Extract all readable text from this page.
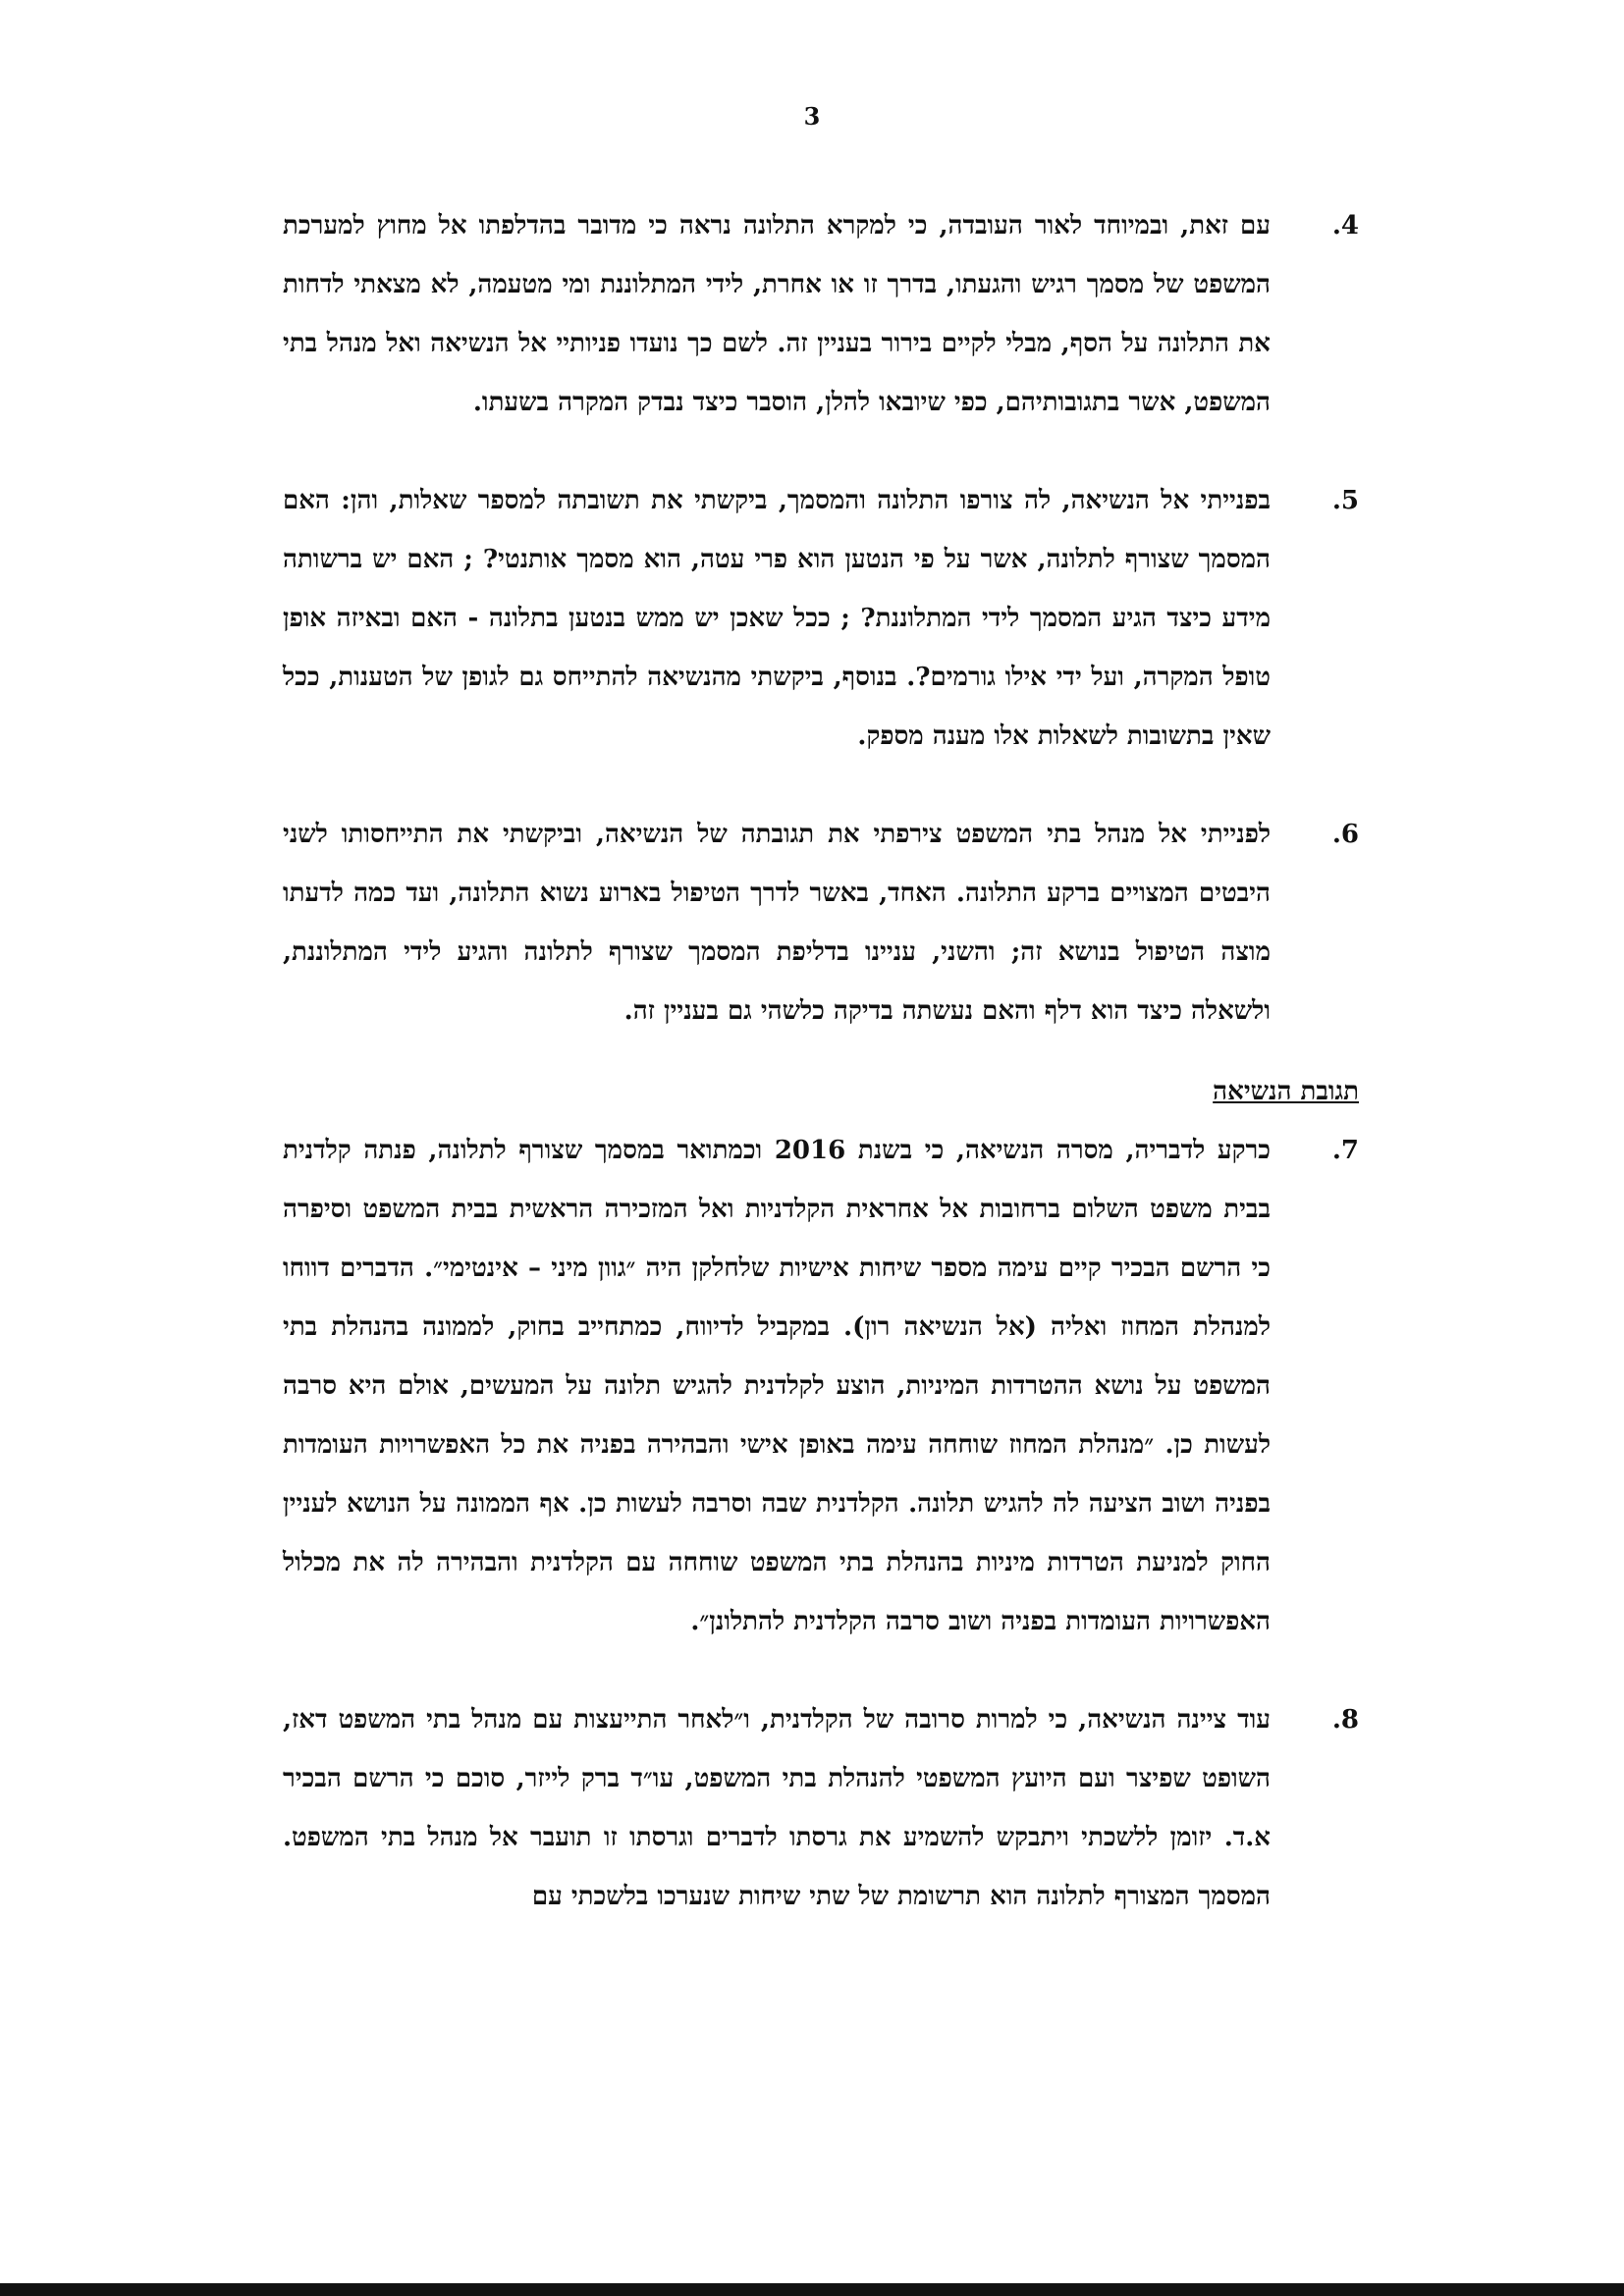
3
4.
עם זאת, ובמיוחד לאור העובדה, כי למקרא התלונה נראה כי מדובר בהדלפתו אל מחוץ למערכת המשפט של מסמך רגיש והגעתו, בדרך זו או אחרת, לידי המתלוננת ומי מטעמה, לא מצאתי לדחות את התלונה על הסף, מבלי לקיים בירור בעניין זה. לשם כך נועדו פניותיי אל הנשיאה ואל מנהל בתי המשפט, אשר בתגובותיהם, כפי שיובאו להלן, הוסבר כיצד נבדק המקרה בשעתו.
5.
בפנייתי אל הנשיאה, לה צורפו התלונה והמסמך, ביקשתי את תשובתה למספר שאלות, והן: האם המסמך שצורף לתלונה, אשר על פי הנטען הוא פרי עטה, הוא מסמך אותנטי? ; האם יש ברשותה מידע כיצד הגיע המסמך לידי המתלוננת? ; ככל שאכן יש ממש בנטען בתלונה - האם ובאיזה אופן טופל המקרה, ועל ידי אילו גורמים?. בנוסף, ביקשתי מהנשיאה להתייחס גם לגופן של הטענות, ככל שאין בתשובות לשאלות אלו מענה מספק.
6.
לפנייתי אל מנהל בתי המשפט צירפתי את תגובתה של הנשיאה, וביקשתי את התייחסותו לשני היבטים המצויים ברקע התלונה. האחד, באשר לדרך הטיפול בארוע נשוא התלונה, ועד כמה לדעתו מוצה הטיפול בנושא זה; והשני, עניינו בדליפת המסמך שצורף לתלונה והגיע לידי המתלוננת, ולשאלה כיצד הוא דלף והאם נעשתה בדיקה כלשהי גם בעניין זה.
תגובת הנשיאה
7.
כרקע לדבריה, מסרה הנשיאה, כי בשנת 2016 וכמתואר במסמך שצורף לתלונה, פנתה קלדנית בבית משפט השלום ברחובות אל אחראית הקלדניות ואל המזכירה הראשית בבית המשפט וסיפרה כי הרשם הבכיר קיים עימה מספר שיחות אישיות שלחלקן היה ״גוון מיני – אינטימי״. הדברים דווחו למנהלת המחוז ואליה (אל הנשיאה רון). במקביל לדיווח, כמתחייב בחוק, לממונה בהנהלת בתי המשפט על נושא ההטרדות המיניות, הוצע לקלדנית להגיש תלונה על המעשים, אולם היא סרבה לעשות כן. ״מנהלת המחוז שוחחה עימה באופן אישי והבהירה בפניה את כל האפשרויות העומדות בפניה ושוב הציעה לה להגיש תלונה. הקלדנית שבה וסרבה לעשות כן. אף הממונה על הנושא לעניין החוק למניעת הטרדות מיניות בהנהלת בתי המשפט שוחחה עם הקלדנית והבהירה לה את מכלול האפשרויות העומדות בפניה ושוב סרבה הקלדנית להתלונן״.
8.
עוד ציינה הנשיאה, כי למרות סרובה של הקלדנית, ו״לאחר התייעצות עם מנהל בתי המשפט דאז, השופט שפיצר ועם היועץ המשפטי להנהלת בתי המשפט, עו״ד ברק לייזר, סוכם כי הרשם הבכיר א.ד. יזומן ללשכתי ויתבקש להשמיע את גרסתו לדברים וגרסתו זו תועבר אל מנהל בתי המשפט. המסמך המצורף לתלונה הוא תרשומת של שתי שיחות שנערכו בלשכתי עם
